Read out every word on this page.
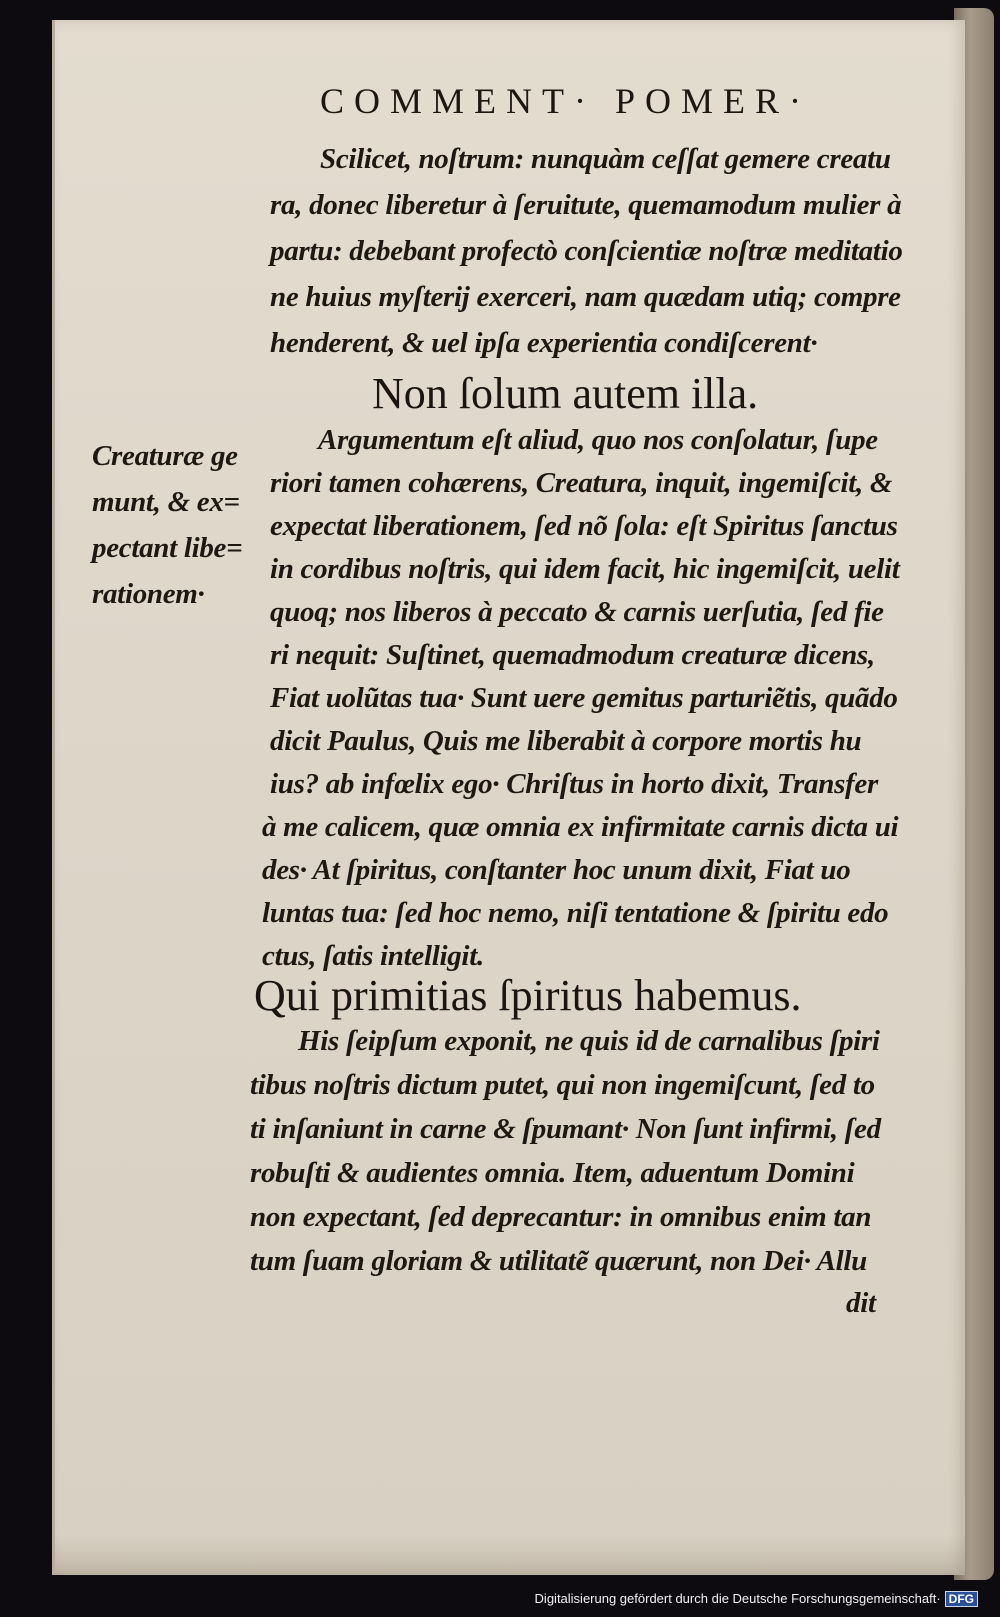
COMMENT· POMER·
Scilicet, noſtrum: nunquàm ceſſat gemere creatu
ra, donec liberetur à ſeruitute, quemamodum mulier à
partu: debebant profectò conſcientiæ noſtræ meditatio
ne huius myſterij exerceri, nam quædam utiq; compre
henderent, & uel ipſa experientia condiſcerent·
Non ſolum autem illa.
Argumentum eſt aliud, quo nos conſolatur, ſupe
riori tamen cohærens, Creatura, inquit, ingemiſcit, &
expectat liberationem, ſed nõ ſola: eſt Spiritus ſanctus
in cordibus noſtris, qui idem facit, hic ingemiſcit, uelit
quoq; nos liberos à peccato & carnis uerſutia, ſed fie
ri nequit: Suſtinet, quemadmodum creaturæ dicens,
Fiat uolũtas tua· Sunt uere gemitus parturiẽtis, quãdo
dicit Paulus, Quis me liberabit à corpore mortis hu
ius? ab infœlix ego· Chriſtus in horto dixit, Transfer
à me calicem, quæ omnia ex infirmitate carnis dicta ui
des· At ſpiritus, conſtanter hoc unum dixit, Fiat uo
luntas tua: ſed hoc nemo, niſi tentatione & ſpiritu edo
ctus, ſatis intelligit.
Creaturæ ge
munt, & ex=
pectant libe=
rationem·
Qui primitias ſpiritus habemus.
His ſeipſum exponit, ne quis id de carnalibus ſpiri
tibus noſtris dictum putet, qui non ingemiſcunt, ſed to
ti inſaniunt in carne & ſpumant· Non ſunt infirmi, ſed
robuſti & audientes omnia. Item, aduentum Domini
non expectant, ſed deprecantur: in omnibus enim tan
tum ſuam gloriam & utilitatẽ quærunt, non Dei· Allu
dit
Digitalisierung gefördert durch die Deutsche Forschungsgemeinschaft· DFG
